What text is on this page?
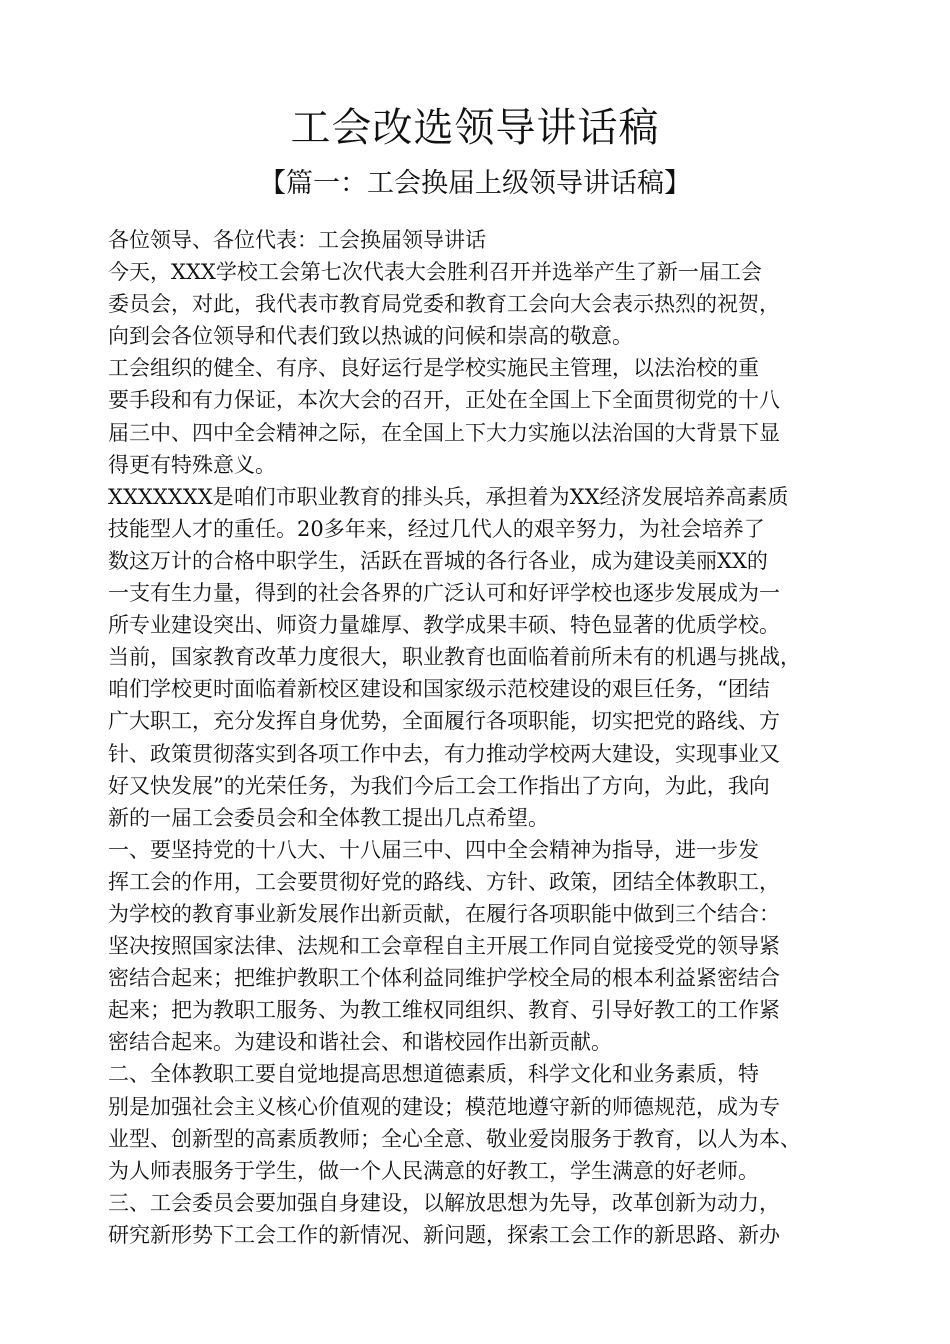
工会改选领导讲话稿
【篇一：工会换届上级领导讲话稿】
各位领导、各位代表：工会换届领导讲话
今天，XXX学校工会第七次代表大会胜利召开并选举产生了新一届工会
委员会，对此，我代表市教育局党委和教育工会向大会表示热烈的祝贺，
向到会各位领导和代表们致以热诚的问候和崇高的敬意。
工会组织的健全、有序、良好运行是学校实施民主管理，以法治校的重
要手段和有力保证，本次大会的召开，正处在全国上下全面贯彻党的十八
届三中、四中全会精神之际，在全国上下大力实施以法治国的大背景下显
得更有特殊意义。
XXXXXXX是咱们市职业教育的排头兵，承担着为XX经济发展培养高素质
技能型人才的重任。20多年来，经过几代人的艰辛努力，为社会培养了
数这万计的合格中职学生，活跃在晋城的各行各业，成为建设美丽XX的
一支有生力量，得到的社会各界的广泛认可和好评学校也逐步发展成为一
所专业建设突出、师资力量雄厚、教学成果丰硕、特色显著的优质学校。
当前，国家教育改革力度很大，职业教育也面临着前所未有的机遇与挑战，
咱们学校更时面临着新校区建设和国家级示范校建设的艰巨任务，“团结
广大职工，充分发挥自身优势，全面履行各项职能，切实把党的路线、方
针、政策贯彻落实到各项工作中去，有力推动学校两大建设，实现事业又
好又快发展”的光荣任务，为我们今后工会工作指出了方向，为此，我向
新的一届工会委员会和全体教工提出几点希望。
一、要坚持党的十八大、十八届三中、四中全会精神为指导，进一步发
挥工会的作用，工会要贯彻好党的路线、方针、政策，团结全体教职工，
为学校的教育事业新发展作出新贡献，在履行各项职能中做到三个结合：
坚决按照国家法律、法规和工会章程自主开展工作同自觉接受党的领导紧
密结合起来；把维护教职工个体利益同维护学校全局的根本利益紧密结合
起来；把为教职工服务、为教工维权同组织、教育、引导好教工的工作紧
密结合起来。为建设和谐社会、和谐校园作出新贡献。
二、全体教职工要自觉地提高思想道德素质，科学文化和业务素质，特
别是加强社会主义核心价值观的建设；模范地遵守新的师德规范，成为专
业型、创新型的高素质教师；全心全意、敬业爱岗服务于教育，以人为本、
为人师表服务于学生，做一个人民满意的好教工，学生满意的好老师。
三、工会委员会要加强自身建设，以解放思想为先导，改革创新为动力，
研究新形势下工会工作的新情况、新问题，探索工会工作的新思路、新办
